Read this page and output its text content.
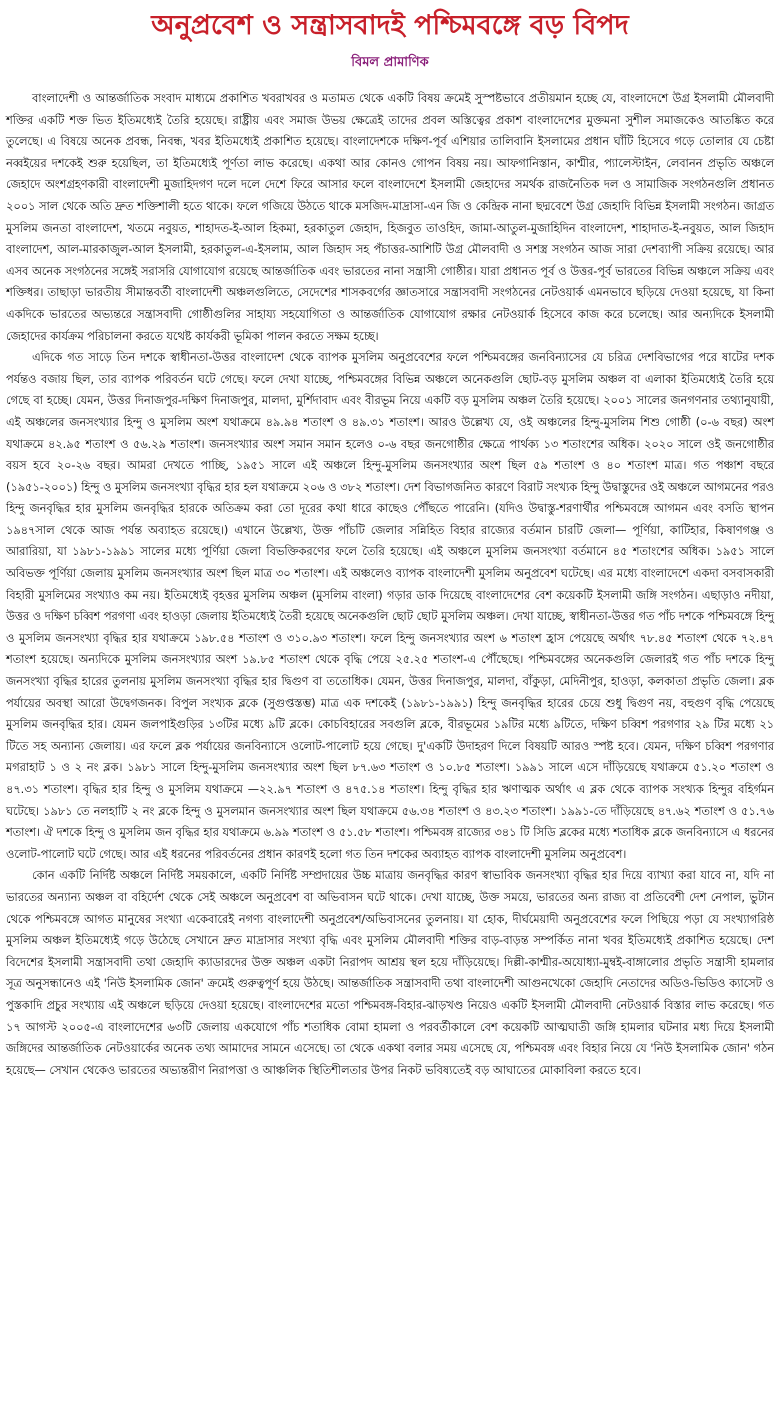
অনুপ্রবেশ ও সন্ত্রাসবাদই পশ্চিমবঙ্গে বড় বিপদ
বিমল প্রামাণিক

বাংলাদেশী ও আন্তর্জাতিক সংবাদ মাধ্যমে প্রকাশিত খবরাখবর ও মতামত থেকে একটি বিষয় ক্রমেই সুস্পষ্টভাবে প্রতীয়মান হচ্ছে যে, বাংলাদেশে উগ্র ইসলামী মৌলবাদী শক্তির একটি শক্ত ভিত ইতিমধ্যেই তৈরি হয়েছে। রাষ্ট্রীয় এবং সমাজ উভয় ক্ষেত্রেই তাদের প্রবল অস্তিত্বের প্রকাশ বাংলাদেশের মুক্তমনা সুশীল সমাজকেও আতঙ্কিত করে তুলেছে। এ বিষয়ে অনেক প্রবন্ধ, নিবন্ধ, খবর ইতিমধ্যেই প্রকাশিত হয়েছে। বাংলাদেশকে দক্ষিণ-পূর্ব এশিয়ার তালিবানি ইসলামের প্রধান ঘাঁটি হিসেবে গড়ে তোলার যে চেষ্টা নব্বইয়ের দশকেই শুরু হয়েছিল, তা ইতিমধ্যেই পূর্ণতা লাভ করেছে। একথা আর কোনও গোপন বিষয় নয়। আফগানিস্তান, কাশ্মীর, প্যালেস্টাইন, লেবানন প্রভৃতি অঞ্চলে জেহাদে অংশগ্রহণকারী বাংলাদেশী মুজাহিদগণ দলে দলে দেশে ফিরে আসার ফলে বাংলাদেশে ইসলামী জেহাদের সমর্থক রাজনৈতিক দল ও সামাজিক সংগঠনগুলি প্রধানত ২০০১ সাল থেকে অতি দ্রুত শক্তিশালী হতে থাকে। ফলে গজিয়ে উঠতে থাকে মসজিদ-মাদ্রাসা-এন জি ও কেন্দ্রিক নানা ছদ্মবেশে উগ্র জেহাদি বিভিন্ন ইসলামী সংগঠন। জাগ্রত মুসলিম জনতা বাংলাদেশ, খতমে নবুয়ত, শাহাদত-ই-আল হিকমা, হরকাতুল জেহাদ, হিজবুত তাওহিদ, জামা-আতুল-মুজাহিদিন বাংলাদেশ, শাহাদাত-ই-নবুয়ত, আল জিহাদ বাংলাদেশ, আল-মারকাজুল-আল ইসলামী, হরকাতুল-এ-ইসলাম, আল জিহাদ সহ পঁচাত্তর-আশিটি উগ্র মৌলবাদী ও সশস্ত্র সংগঠন আজ সারা দেশব্যাপী সক্রিয় রয়েছে। আর এসব অনেক সংগঠনের সঙ্গেই সরাসরি যোগাযোগ রয়েছে আন্তর্জাতিক এবং ভারতের নানা সন্ত্রাসী গোষ্ঠীর। যারা প্রধানত পূর্ব ও উত্তর-পূর্ব ভারতের বিভিন্ন অঞ্চলে সক্রিয় এবং শক্তিধর। তাছাড়া ভারতীয় সীমান্তবর্তী বাংলাদেশী অঞ্চলগুলিতে, সেদেশের শাসকবর্গের জ্ঞাতসারে সন্ত্রাসবাদী সংগঠনের নেটওয়ার্ক এমনভাবে ছড়িয়ে দেওয়া হয়েছে, যা কিনা একদিকে ভারতের অভ্যন্তরে সন্ত্রাসবাদী গোষ্ঠীগুলির সাহায্য সহযোগিতা ও আন্তর্জাতিক যোগাযোগ রক্ষার নেটওয়ার্ক হিসেবে কাজ করে চলেছে। আর অন্যদিকে ইসলামী জেহাদের কার্যক্রম পরিচালনা করতে যথেষ্ট কার্যকরী ভূমিকা পালন করতে সক্ষম হচ্ছে।

এদিকে গত সাড়ে তিন দশকে স্বাধীনতা-উত্তর বাংলাদেশ থেকে ব্যাপক মুসলিম অনুপ্রবেশের ফলে পশ্চিমবঙ্গের জনবিন্যাসের যে চরিত্র দেশবিভাগের পরে ষাটের দশক পর্যন্তও বজায় ছিল, তার ব্যাপক পরিবর্তন ঘটে গেছে। ফলে দেখা যাচ্ছে, পশ্চিমবঙ্গের বিভিন্ন অঞ্চলে অনেকগুলি ছোট-বড় মুসলিম অঞ্চল বা এলাকা ইতিমধ্যেই তৈরি হয়ে গেছে বা হচ্ছে। যেমন, উত্তর দিনাজপুর-দক্ষিণ দিনাজপুর, মালদা, মুর্শিদাবাদ এবং বীরভূম নিয়ে একটি বড় মুসলিম অঞ্চল তৈরি হয়েছে। ২০০১ সালের জনগণনার তথ্যানুযায়ী, এই অঞ্চলের জনসংখ্যার হিন্দু ও মুসলিম অংশ যথাক্রমে ৪৯.৯৪ শতাংশ ও ৪৯.৩১ শতাংশ। আরও উল্লেখ্য যে, ওই অঞ্চলের হিন্দু-মুসলিম শিশু গোষ্ঠী (০-৬ বছর) অংশ যথাক্রমে ৪২.৯৫ শতাংশ ও ৫৬.২৯ শতাংশ। জনসংখ্যার অংশ সমান সমান হলেও ০-৬ বছর জনগোষ্ঠীর ক্ষেত্রে পার্থক্য ১৩ শতাংশের অধিক। ২০২০ সালে ওই জনগোষ্ঠীর বয়স হবে ২০-২৬ বছর। আমরা দেখতে পাচ্ছি, ১৯৫১ সালে এই অঞ্চলে হিন্দু-মুসলিম জনসংখ্যার অংশ ছিল ৫৯ শতাংশ ও ৪০ শতাংশ মাত্র। গত পঞ্চাশ বছরে (১৯৫১-২০০১) হিন্দু ও মুসলিম জনসংখ্যা বৃদ্ধির হার হল যথাক্রমে ২০৬ ও ৩৮২ শতাংশ। দেশ বিভাগজনিত কারণে বিরাট সংখ্যক হিন্দু উদ্বাস্তুদের ওই অঞ্চলে আগমনের পরও হিন্দু জনবৃদ্ধির হার মুসলিম জনবৃদ্ধির হারকে অতিক্রম করা তো দূরের কথা ধারে কাছেও পৌঁছতে পারেনি। (যদিও উদ্বাস্তু-শরণার্থীর পশ্চিমবঙ্গে আগমন এবং বসতি স্থাপন ১৯৪৭সাল থেকে আজ পর্যন্ত অব্যাহত রয়েছে।) এখানে উল্লেখ্য, উক্ত পাঁচটি জেলার সন্নিহিত বিহার রাজ্যের বর্তমান চারটি জেলা— পূর্ণিয়া, কাটিহার, কিষাণগঞ্জ ও আরারিয়া, যা ১৯৮১-১৯৯১ সালের মধ্যে পূর্ণিয়া জেলা বিভক্তিকরণের ফলে তৈরি হয়েছে। এই অঞ্চলে মুসলিম জনসংখ্যা বর্তমানে ৪৫ শতাংশের অধিক। ১৯৫১ সালে অবিভক্ত পূর্ণিয়া জেলায় মুসলিম জনসংখ্যার অংশ ছিল মাত্র ৩০ শতাংশ। এই অঞ্চলেও ব্যাপক বাংলাদেশী মুসলিম অনুপ্রবেশ ঘটেছে। এর মধ্যে বাংলাদেশে একদা বসবাসকারী বিহারী মুসলিমের সংখ্যাও কম নয়। ইতিমধ্যেই বৃহত্তর মুসলিম অঞ্চল (মুসলিম বাংলা) গড়ার ডাক দিয়েছে বাংলাদেশের বেশ কয়েকটি ইসলামী জঙ্গি সংগঠন। এছাড়াও নদীয়া, উত্তর ও দক্ষিণ চব্বিশ পরগণা এবং হাওড়া জেলায় ইতিমধ্যেই তৈরী হয়েছে অনেকগুলি ছোট ছোট মুসলিম অঞ্চল। দেখা যাচ্ছে, স্বাধীনতা-উত্তর গত পাঁচ দশকে পশ্চিমবঙ্গে হিন্দু ও মুসলিম জনসংখ্যা বৃদ্ধির হার যথাক্রমে ১৯৮.৫৪ শতাংশ ও ৩১০.৯৩ শতাংশ। ফলে হিন্দু জনসংখ্যার অংশ ৬ শতাংশ হ্রাস পেয়েছে অর্থাৎ ৭৮.৪৫ শতাংশ থেকে ৭২.৪৭ শতাংশ হয়েছে। অন্যদিকে মুসলিম জনসংখ্যার অংশ ১৯.৮৫ শতাংশ থেকে বৃদ্ধি পেয়ে ২৫.২৫ শতাংশ-এ পৌঁছেছে। পশ্চিমবঙ্গের অনেকগুলি জেলারই গত পাঁচ দশকে হিন্দু জনসংখ্যা বৃদ্ধির হারের তুলনায় মুসলিম জনসংখ্যা বৃদ্ধির হার দ্বিগুণ বা ততোধিক। যেমন, উত্তর দিনাজপুর, মালদা, বাঁকুড়া, মেদিনীপুর, হাওড়া, কলকাতা প্রভৃতি জেলা। ব্লক পর্যায়ের অবস্থা আরো উদ্বেগজনক। বিপুল সংখ্যক ব্লকে (সুগুপ্তস্তম্ভ) মাত্র এক দশকেই (১৯৮১-১৯৯১) হিন্দু জনবৃদ্ধির হারের চেয়ে শুধু দ্বিগুণ নয়, বহুগুণ বৃদ্ধি পেয়েছে মুসলিম জনবৃদ্ধির হার। যেমন জলপাইগুড়ির ১৩টির মধ্যে ৯টি ব্লকে। কোচবিহারের সবগুলি ব্লকে, বীরভূমের ১৯টির মধ্যে ৯টিতে, দক্ষিণ চব্বিশ পরগণার ২৯ টির মধ্যে ২১ টিতে সহ অন্যান্য জেলায়। এর ফলে ব্লক পর্যায়ের জনবিন্যাসে ওলোট-পালোট হয়ে গেছে। দু'একটি উদাহরণ দিলে বিষয়টি আরও স্পষ্ট হবে। যেমন, দক্ষিণ চব্বিশ পরগণার মগরাহাট ১ ও ২ নং ব্লক। ১৯৮১ সালে হিন্দু-মুসলিম জনসংখ্যার অংশ ছিল ৮৭.৬৩ শতাংশ ও ১০.৮৫ শতাংশ। ১৯৯১ সালে এসে দাঁড়িয়েছে যথাক্রমে ৫১.২০ শতাংশ ও ৪৭.৩১ শতাংশ। বৃদ্ধির হার হিন্দু ও মুসলিম যথাক্রমে —২২.৯৭ শতাংশ ও ৪৭৫.১৪ শতাংশ। হিন্দু বৃদ্ধির হার ঋণাত্মক অর্থাৎ এ ব্লক থেকে ব্যাপক সংখ্যক হিন্দুর বহির্গমন ঘটেছে। ১৯৮১ তে নলহাটি ২ নং ব্লকে হিন্দু ও মুসলমান জনসংখ্যার অংশ ছিল যথাক্রমে ৫৬.৩৪ শতাংশ ও ৪৩.২৩ শতাংশ। ১৯৯১-তে দাঁড়িয়েছে ৪৭.৬২ শতাংশ ও ৫১.৭৬ শতাংশ। ঐ দশকে হিন্দু ও মুসলিম জন বৃদ্ধির হার যথাক্রমে ৬.৯৯ শতাংশ ও ৫১.৫৮ শতাংশ। পশ্চিমবঙ্গ রাজ্যের ৩৪১ টি সিডি ব্লকের মধ্যে শতাধিক ব্লকে জনবিন্যাসে এ ধরনের ওলোট-পালোট ঘটে গেছে। আর এই ধরনের পরিবর্তনের প্রধান কারণই হলো গত তিন দশকের অব্যাহত ব্যাপক বাংলাদেশী মুসলিম অনুপ্রবেশ।

কোন একটি নির্দিষ্ট অঞ্চলে নির্দিষ্ট সময়কালে, একটি নির্দিষ্ট সম্প্রদায়ের উচ্চ মাত্রায় জনবৃদ্ধির কারণ স্বাভাবিক জনসংখ্যা বৃদ্ধির হার দিয়ে ব্যাখ্যা করা যাবে না, যদি না ভারতের অন্যান্য অঞ্চল বা বহির্দেশ থেকে সেই অঞ্চলে অনুপ্রবেশ বা অভিবাসন ঘটে থাকে। দেখা যাচ্ছে, উক্ত সময়ে, ভারতের অন্য রাজ্য বা প্রতিবেশী দেশ নেপাল, ভুটান থেকে পশ্চিমবঙ্গে আগত মানুষের সংখ্যা একেবারেই নগণ্য বাংলাদেশী অনুপ্রবেশ/অভিবাসনের তুলনায়। যা হোক, দীর্ঘমেয়াদী অনুপ্রবেশের ফলে পিছিয়ে পড়া যে সংখ্যাগরিষ্ঠ মুসলিম অঞ্চল ইতিমধ্যেই গড়ে উঠেছে সেখানে দ্রুত মাদ্রাসার সংখ্যা বৃদ্ধি এবং মুসলিম মৌলবাদী শক্তির বাড়-বাড়ন্ত সম্পর্কিত নানা খবর ইতিমধ্যেই প্রকাশিত হয়েছে। দেশ বিদেশের ইসলামী সন্ত্রাসবাদী তথা জেহাদি ক্যাডারদের উক্ত অঞ্চল একটা নিরাপদ আশ্রয় স্থল হয়ে দাঁড়িয়েছে। দিল্লী-কাশ্মীর-অযোধ্যা-মুম্বই-বাঙ্গালোর প্রভৃতি সন্ত্রাসী হামলার সূত্র অনুসন্ধানেও এই 'নিউ ইসলামিক জোন' ক্রমেই গুরুত্বপূর্ণ হয়ে উঠছে। আন্তর্জাতিক সন্ত্রাসবাদী তথা বাংলাদেশী আগুনখেকো জেহাদি নেতাদের অডিও-ভিডিও ক্যাসেট ও পুস্তকাদি প্রচুর সংখ্যায় এই অঞ্চলে ছড়িয়ে দেওয়া হয়েছে। বাংলাদেশের মতো পশ্চিমবঙ্গ-বিহার-ঝাড়খণ্ড নিয়েও একটি ইসলামী মৌলবাদী নেটওয়ার্ক বিস্তার লাভ করেছে। গত ১৭ আগস্ট ২০০৫-এ বাংলাদেশের ৬৩টি জেলায় একযোগে পাঁচ শতাধিক বোমা হামলা ও পরবর্তীকালে বেশ কয়েকটি আত্মঘাতী জঙ্গি হামলার ঘটনার মধ্য দিয়ে ইসলামী জঙ্গিদের আন্তর্জাতিক নেটওয়ার্কের অনেক তথ্য আমাদের সামনে এসেছে। তা থেকে একথা বলার সময় এসেছে যে, পশ্চিমবঙ্গ এবং বিহার নিয়ে যে 'নিউ ইসলামিক জোন' গঠন হয়েছে— সেখান থেকেও ভারতের অভ্যন্তরীণ নিরাপত্তা ও আঞ্চলিক স্থিতিশীলতার উপর নিকট ভবিষ্যতেই বড় আঘাতের মোকাবিলা করতে হবে।
